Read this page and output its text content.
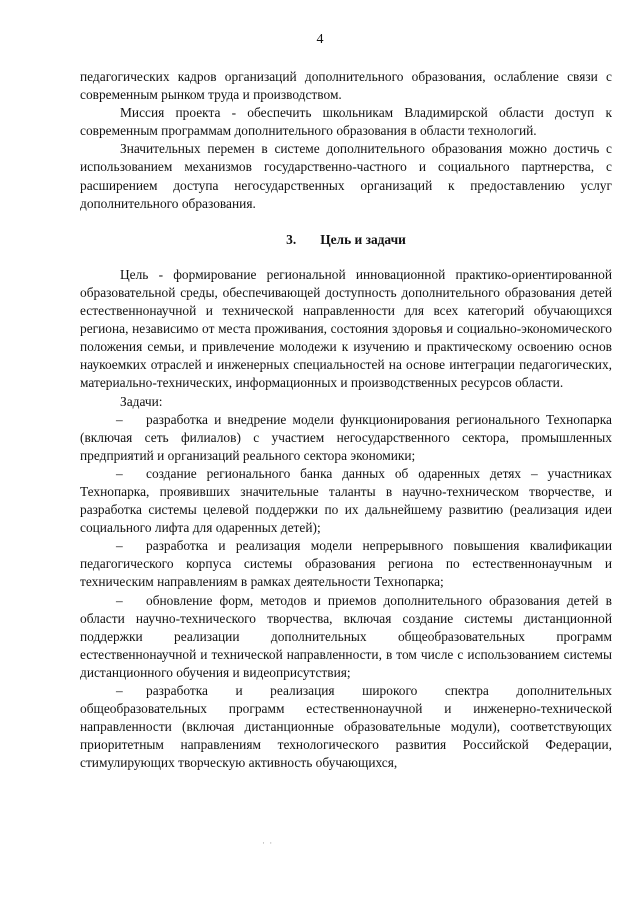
4

педагогических кадров организаций дополнительного образования, ослабление связи с современным рынком труда и производством.

Миссия проекта - обеспечить школьникам Владимирской области доступ к современным программам дополнительного образования в области технологий.

Значительных перемен в системе дополнительного образования можно достичь с использованием механизмов государственно-частного и социального партнерства, с расширением доступа негосударственных организаций к предоставлению услуг дополнительного образования.

3. Цель и задачи

Цель - формирование региональной инновационной практико-ориентированной образовательной среды, обеспечивающей доступность дополнительного образования детей естественнонаучной и технической направленности для всех категорий обучающихся региона, независимо от места проживания, состояния здоровья и социально-экономического положения семьи, и привлечение молодежи к изучению и практическому освоению основ наукоемких отраслей и инженерных специальностей на основе интеграции педагогических, материально-технических, информационных и производственных ресурсов области.

Задачи:

– разработка и внедрение модели функционирования регионального Технопарка (включая сеть филиалов) с участием негосударственного сектора, промышленных предприятий и организаций реального сектора экономики;

– создание регионального банка данных об одаренных детях – участниках Технопарка, проявивших значительные таланты в научно-техническом творчестве, и разработка системы целевой поддержки по их дальнейшему развитию (реализация идеи социального лифта для одаренных детей);

– разработка и реализация модели непрерывного повышения квалификации педагогического корпуса системы образования региона по естественнонаучным и техническим направлениям в рамках деятельности Технопарка;

– обновление форм, методов и приемов дополнительного образования детей в области научно-технического творчества, включая создание системы дистанционной поддержки реализации дополнительных общеобразовательных программ естественнонаучной и технической направленности, в том числе с использованием системы дистанционного обучения и видеоприсутствия;

– разработка и реализация широкого спектра дополнительных общеобразовательных программ естественнонаучной и инженерно-технической направленности (включая дистанционные образовательные модули), соответствующих приоритетным направлениям технологического развития Российской Федерации, стимулирующих творческую активность обучающихся,

· ·
